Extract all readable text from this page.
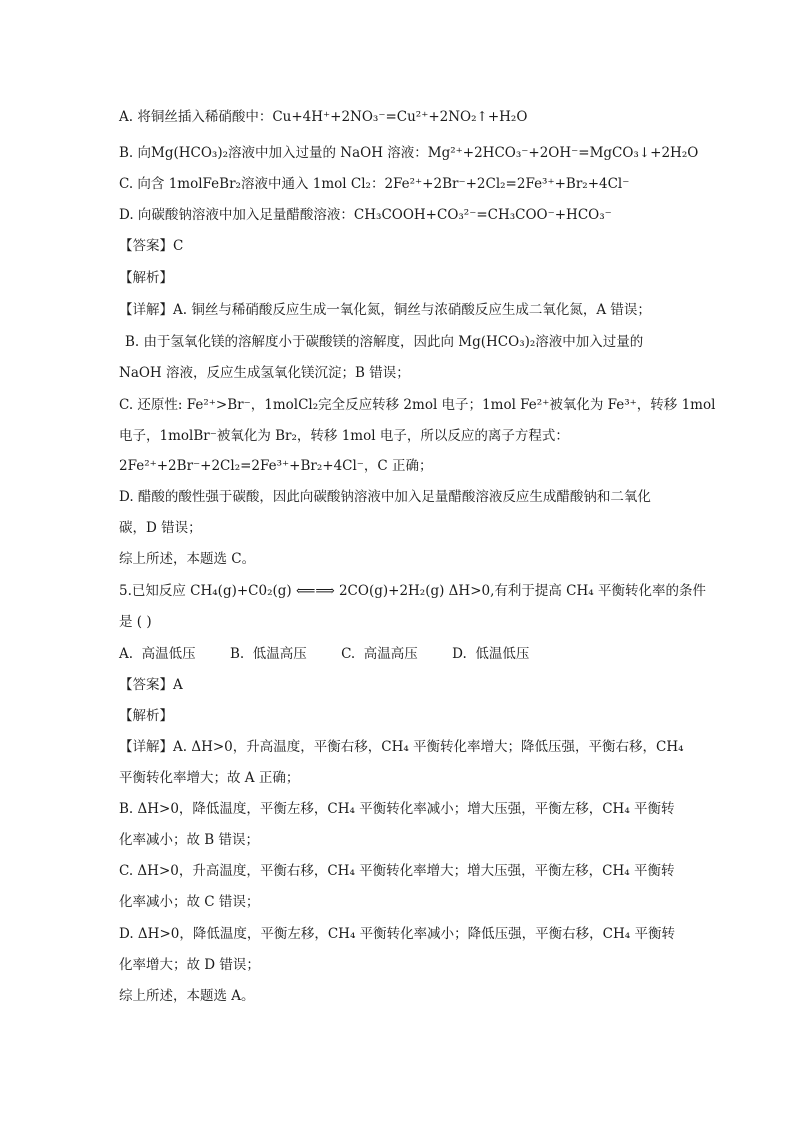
A. 将铜丝插入稀硝酸中：Cu+4H⁺+2NO₃⁻=Cu²⁺+2NO₂↑+H₂O
B. 向Mg(HCO₃)₂溶液中加入过量的 NaOH 溶液：Mg²⁺+2HCO₃⁻+2OH⁻=MgCO₃↓+2H₂O
C. 向含 1molFeBr₂溶液中通入 1mol Cl₂：2Fe²⁺+2Br⁻+2Cl₂=2Fe³⁺+Br₂+4Cl⁻
D. 向碳酸钠溶液中加入足量醋酸溶液：CH₃COOH+CO₃²⁻=CH₃COO⁻+HCO₃⁻
【答案】C
【解析】
【详解】A. 铜丝与稀硝酸反应生成一氧化氮，铜丝与浓硝酸反应生成二氧化氮，A 错误；
B. 由于氢氧化镁的溶解度小于碳酸镁的溶解度，因此向 Mg(HCO₃)₂溶液中加入过量的
NaOH 溶液，反应生成氢氧化镁沉淀；B 错误；
C. 还原性: Fe²⁺>Br⁻，1molCl₂完全反应转移 2mol 电子；1mol Fe²⁺被氧化为 Fe³⁺，转移 1mol
电子，1molBr⁻被氧化为 Br₂，转移 1mol 电子，所以反应的离子方程式：
2Fe²⁺+2Br⁻+2Cl₂=2Fe³⁺+Br₂+4Cl⁻，C 正确；
D. 醋酸的酸性强于碳酸，因此向碳酸钠溶液中加入足量醋酸溶液反应生成醋酸钠和二氧化
碳，D 错误；
综上所述，本题选 C。
5.已知反应 CH₄(g)+C0₂(g) ⟸⟹ 2CO(g)+2H₂(g) ΔH>0,有利于提高 CH₄ 平衡转化率的条件
是 ( )
A.  高温低压        B.  低温高压        C.  高温高压        D.  低温低压
【答案】A
【解析】
【详解】A. ΔH>0，升高温度，平衡右移，CH₄ 平衡转化率增大；降低压强，平衡右移，CH₄
平衡转化率增大；故 A 正确；
B. ΔH>0，降低温度，平衡左移，CH₄ 平衡转化率减小；增大压强，平衡左移，CH₄ 平衡转
化率减小；故 B 错误；
C. ΔH>0，升高温度，平衡右移，CH₄ 平衡转化率增大；增大压强，平衡左移，CH₄ 平衡转
化率减小；故 C 错误；
D. ΔH>0，降低温度，平衡左移，CH₄ 平衡转化率减小；降低压强，平衡右移，CH₄ 平衡转
化率增大；故 D 错误；
综上所述，本题选 A。
